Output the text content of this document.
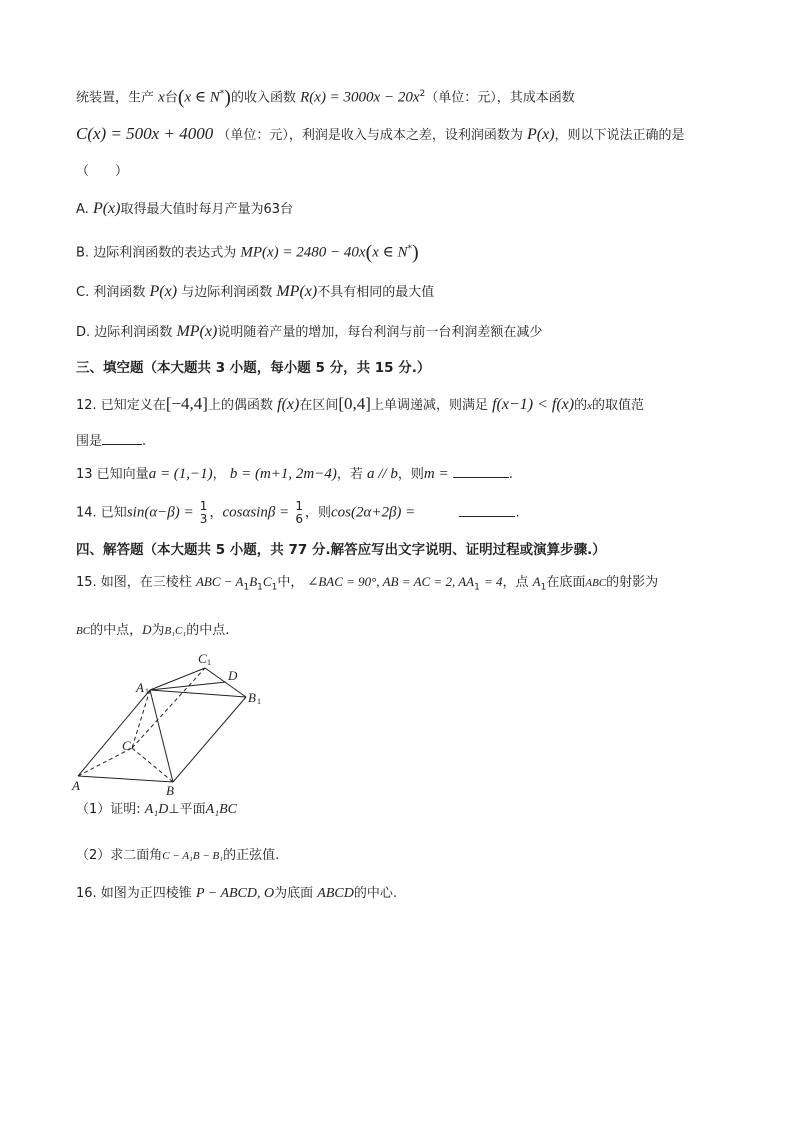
统装置，生产 x台(x ∈ N*)的收入函数 $R(x) = 3000x - 20x^2$（单位：元），其成本函数
C(x) = 500x + 4000 （单位：元），利润是收入与成本之差，设利润函数为 P(x)，则以下说法正确的是
（　　）
A. P(x)取得最大值时每月产量为63台
B. 边际利润函数的表达式为 MP(x) = 2480 − 40x(x ∈ N*)
C. 利润函数 P(x) 与边际利润函数 MP(x)不具有相同的最大值
D. 边际利润函数 MP(x)说明随着产量的增加，每台利润与前一台利润差额在减少
三、填空题（本大题共 3 小题，每小题 5 分，共 15 分.）
12. 已知定义在[−4,4]上的偶函数 f(x)在区间[0,4]上单调递减，则满足 f(x−1) < f(x)的x的取值范
围是	.
13 已知向量a = (1,−1)， b = (m+1, 2m−4)，若 a // b，则m =	.
14. 已知sin(α−β) = 1
3 ，cosαsinβ = 1
6 ，则cos(2α+2β) =	.
四、解答题（本大题共 5 小题，共 77 分.解答应写出文字说明、证明过程或演算步骤.）
15. 如图，在三棱柱 ABC − $A_1B_1C_1$中， ∠BAC = 90°, AB = AC = 2, $AA_1 = 4$，点 $A_1$在底面ABC的射影为
BC的中点，D为B₁C₁的中点.
C 1
D
A 1	B 1
C
A	B
（1）证明: A₁D⊥平面A₁BC
（2）求二面角C − A₁B − B₁的正弦值.
16. 如图为正四棱锥 P − ABCD, O为底面 ABCD的中心.
